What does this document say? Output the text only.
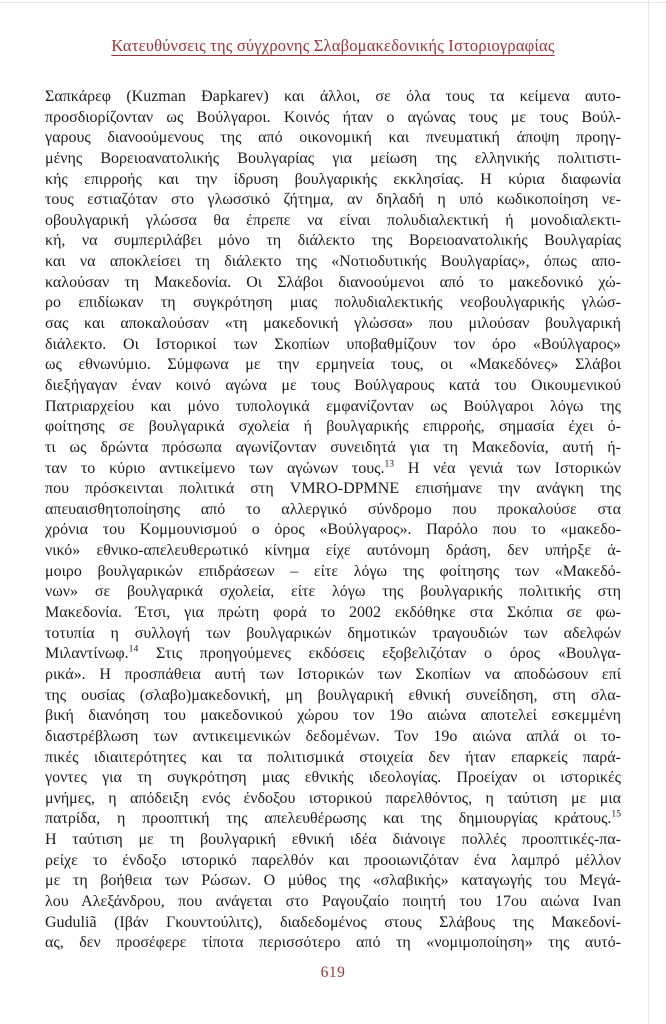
Κατευθύνσεις της σύγχρονης Σλαβομακεδονικής Ιστοριογραφίας
Σαπκάρεφ (Kuzman Đapkarev) και άλλοι, σε όλα τους τα κείμενα αυτο-
προσδιορίζονταν ως Βούλγαροι. Κοινός ήταν ο αγώνας τους με τους Βούλ-
γαρους διανοούμενους της από οικονομική και πνευματική άποψη προηγ-
μένης Βορειοανατολικής Βουλγαρίας για μείωση της ελληνικής πολιτιστι-
κής επιρροής και την ίδρυση βουλγαρικής εκκλησίας. Η κύρια διαφωνία
τους εστιαζόταν στο γλωσσικό ζήτημα, αν δηλαδή η υπό κωδικοποίηση νε-
οβουλγαρική γλώσσα θα έπρεπε να είναι πολυδιαλεκτική ή μονοδιαλεκτι-
κή, να συμπεριλάβει μόνο τη διάλεκτο της Βορειοανατολικής Βουλγαρίας
και να αποκλείσει τη διάλεκτο της «Νοτιοδυτικής Βουλγαρίας», όπως απο-
καλούσαν τη Μακεδονία. Οι Σλάβοι διανοούμενοι από το μακεδονικό χώ-
ρο επιδίωκαν τη συγκρότηση μιας πολυδιαλεκτικής νεοβουλγαρικής γλώσ-
σας και αποκαλούσαν «τη μακεδονική γλώσσα» που μιλούσαν βουλγαρική
διάλεκτο. Οι Ιστορικοί των Σκοπίων υποβαθμίζουν τον όρο «Βούλγαρος»
ως εθνωνύμιο. Σύμφωνα με την ερμηνεία τους, οι «Μακεδόνες» Σλάβοι
διεξήγαγαν έναν κοινό αγώνα με τους Βούλγαρους κατά του Οικουμενικού
Πατριαρχείου και μόνο τυπολογικά εμφανίζονταν ως Βούλγαροι λόγω της
φοίτησης σε βουλγαρικά σχολεία ή βουλγαρικής επιρροής, σημασία έχει ό-
τι ως δρώντα πρόσωπα αγωνίζονταν συνειδητά για τη Μακεδονία, αυτή ή-
ταν το κύριο αντικείμενο των αγώνων τους.$^{13}$ Η νέα γενιά των Ιστορικών
που πρόσκεινται πολιτικά στη VMRO-DPMNE επισήμανε την ανάγκη της
απευαισθητοποίησης από το αλλεργικό σύνδρομο που προκαλούσε στα
χρόνια του Κομμουνισμού ο όρος «Βούλγαρος». Παρόλο που το «μακεδο-
νικό» εθνικο-απελευθερωτικό κίνημα είχε αυτόνομη δράση, δεν υπήρξε ά-
μοιρο βουλγαρικών επιδράσεων – είτε λόγω της φοίτησης των «Μακεδό-
νων» σε βουλγαρικά σχολεία, είτε λόγω της βουλγαρικής πολιτικής στη
Μακεδονία. Έτσι, για πρώτη φορά το 2002 εκδόθηκε στα Σκόπια σε φω-
τοτυπία η συλλογή των βουλγαρικών δημοτικών τραγουδιών των αδελφών
Μιλαντίνωφ.$^{14}$ Στις προηγούμενες εκδόσεις εξοβελιζόταν ο όρος «Βουλγα-
ρικά». Η προσπάθεια αυτή των Ιστορικών των Σκοπίων να αποδώσουν επί
της ουσίας (σλαβο)μακεδονική, μη βουλγαρική εθνική συνείδηση, στη σλα-
βική διανόηση του μακεδονικού χώρου τον 19ο αιώνα αποτελεί εσκεμμένη
διαστρέβλωση των αντικειμενικών δεδομένων. Τον 19ο αιώνα απλά οι το-
πικές ιδιαιτερότητες και τα πολιτισμικά στοιχεία δεν ήταν επαρκείς παρά-
γοντες για τη συγκρότηση μιας εθνικής ιδεολογίας. Προείχαν οι ιστορικές
μνήμες, η απόδειξη ενός ένδοξου ιστορικού παρελθόντος, η ταύτιση με μια
πατρίδα, η προοπτική της απελευθέρωσης και της δημιουργίας κράτους.$^{15}$
Η ταύτιση με τη βουλγαρική εθνική ιδέα διάνοιγε πολλές προοπτικές-πα-
ρείχε το ένδοξο ιστορικό παρελθόν και προοιωνιζόταν ένα λαμπρό μέλλον
με τη βοήθεια των Ρώσων. Ο μύθος της «σλαβικής» καταγωγής του Μεγά-
λου Αλεξάνδρου, που ανάγεται στο Ραγουζαίο ποιητή του 17ου αιώνα Ivan
Guduliã (Ιβάν Γκουντούλιτς), διαδεδομένος στους Σλάβους της Μακεδονί-
ας, δεν προσέφερε τίποτα περισσότερο από τη «νομιμοποίηση» της αυτό-
619
